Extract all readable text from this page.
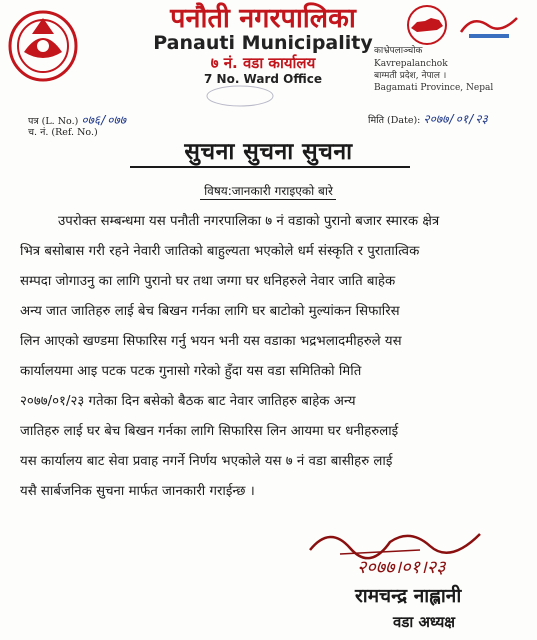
पनौती नगरपालिका
Panauti Municipality
७ नं. वडा कार्यालय
7 No. Ward Office
काभ्रेपलाञ्चोक
Kavrepalanchok
बाग्मती प्रदेश, नेपाल ।
Bagamati Province, Nepal
पत्र (L. No.) ०७६/०७७
च. नं. (Ref. No.)
मिति (Date): २०७७/०१/२३
सुचना सुचना सुचना
विषय:जानकारी गराइएको बारे
उपरोक्त सम्बन्धमा यस पनौती नगरपालिका ७ नं वडाको पुरानो बजार स्मारक क्षेत्र
भित्र बसोबास गरी रहने नेवारी जातिको बाहुल्यता भएकोले धर्म संस्कृति र पुरातात्विक
सम्पदा जोगाउनु का लागि पुरानो घर तथा जग्गा घर धनिहरुले नेवार जाति बाहेक
अन्य जात जातिहरु लाई बेच बिखन गर्नका लागि घर बाटोको मुल्यांकन सिफारिस
लिन आएको खण्डमा सिफारिस गर्नु भयन भनी यस वडाका भद्रभलादमीहरुले यस
कार्यालयमा आइ पटक पटक गुनासो गरेको हुँदा यस वडा समितिको मिति
२०७७/०१/२३ गतेका दिन बसेको बैठक बाट नेवार जातिहरु बाहेक अन्य
जातिहरु लाई घर बेच बिखन गर्नका लागि सिफारिस लिन आयमा घर धनीहरुलाई
यस कार्यालय बाट सेवा प्रवाह नगर्ने निर्णय भएकोले यस ७ नं वडा बासीहरु लाई
यसै सार्बजनिक सुचना मार्फत जानकारी गराईन्छ ।
२०७७।०१।२३
रामचन्द्र नाह्लानी
वडा अध्यक्ष
